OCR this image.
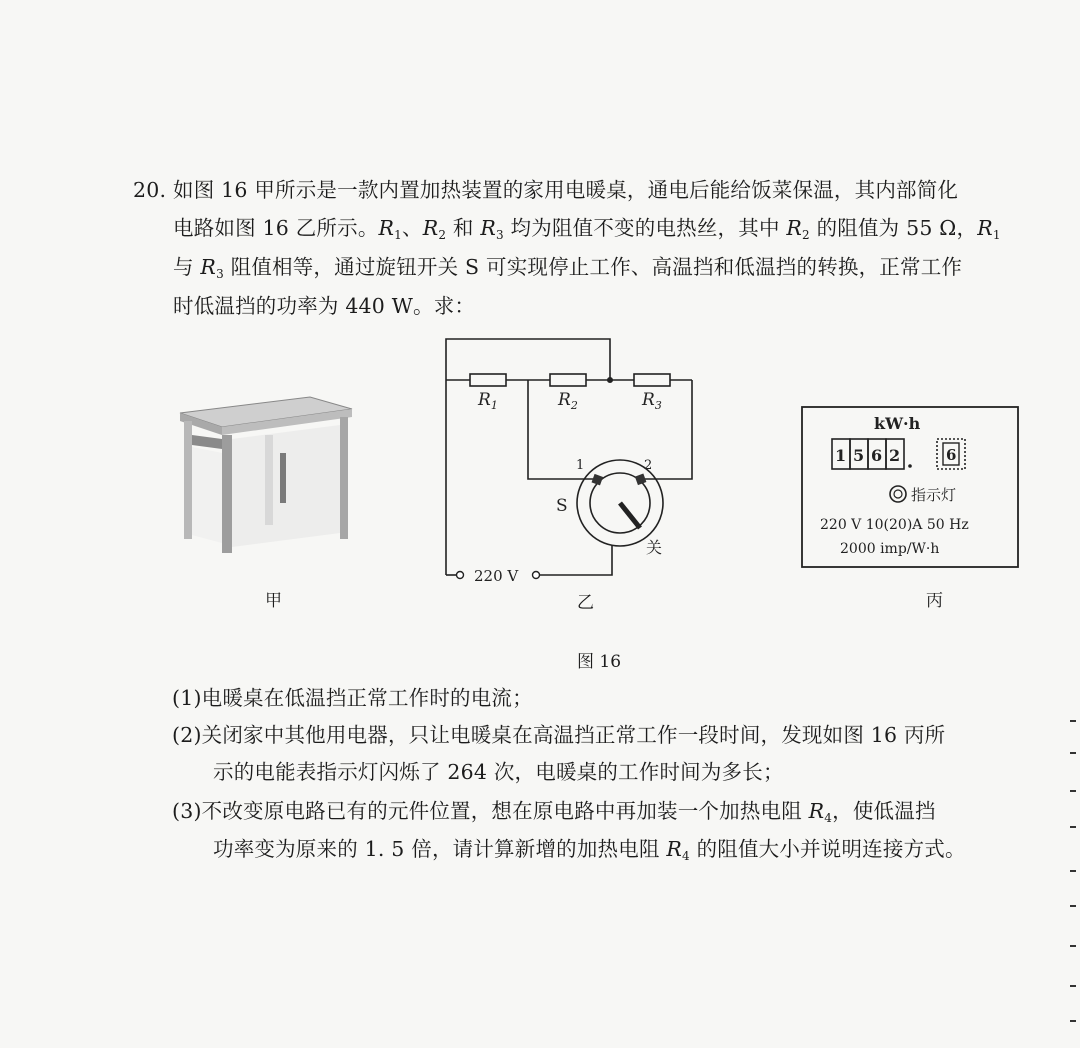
20. 如图 16 甲所示是一款内置加热装置的家用电暖桌，通电后能给饭菜保温，其内部简化
电路如图 16 乙所示。$R_1$、$R_2$ 和 $R_3$ 均为阻值不变的电热丝，其中 $R_2$ 的阻值为 55 Ω，$R_1$
与 $R_3$ 阻值相等，通过旋钮开关 S 可实现停止工作、高温挡和低温挡的转换，正常工作
时低温挡的功率为 440 W。求：
甲
$R_1$	$R_2$	$R_3$
1	2
S
关
220 V
乙
kW·h
1 5 6 2	6
指示灯
220 V 10(20)A 50 Hz
2000 imp/W·h
丙
图 16
(1)电暖桌在低温挡正常工作时的电流；
(2)关闭家中其他用电器，只让电暖桌在高温挡正常工作一段时间，发现如图 16 丙所
示的电能表指示灯闪烁了 264 次，电暖桌的工作时间为多长；
(3)不改变原电路已有的元件位置，想在原电路中再加装一个加热电阻 $R_4$，使低温挡
功率变为原来的 1. 5 倍，请计算新增的加热电阻 $R_4$ 的阻值大小并说明连接方式。
